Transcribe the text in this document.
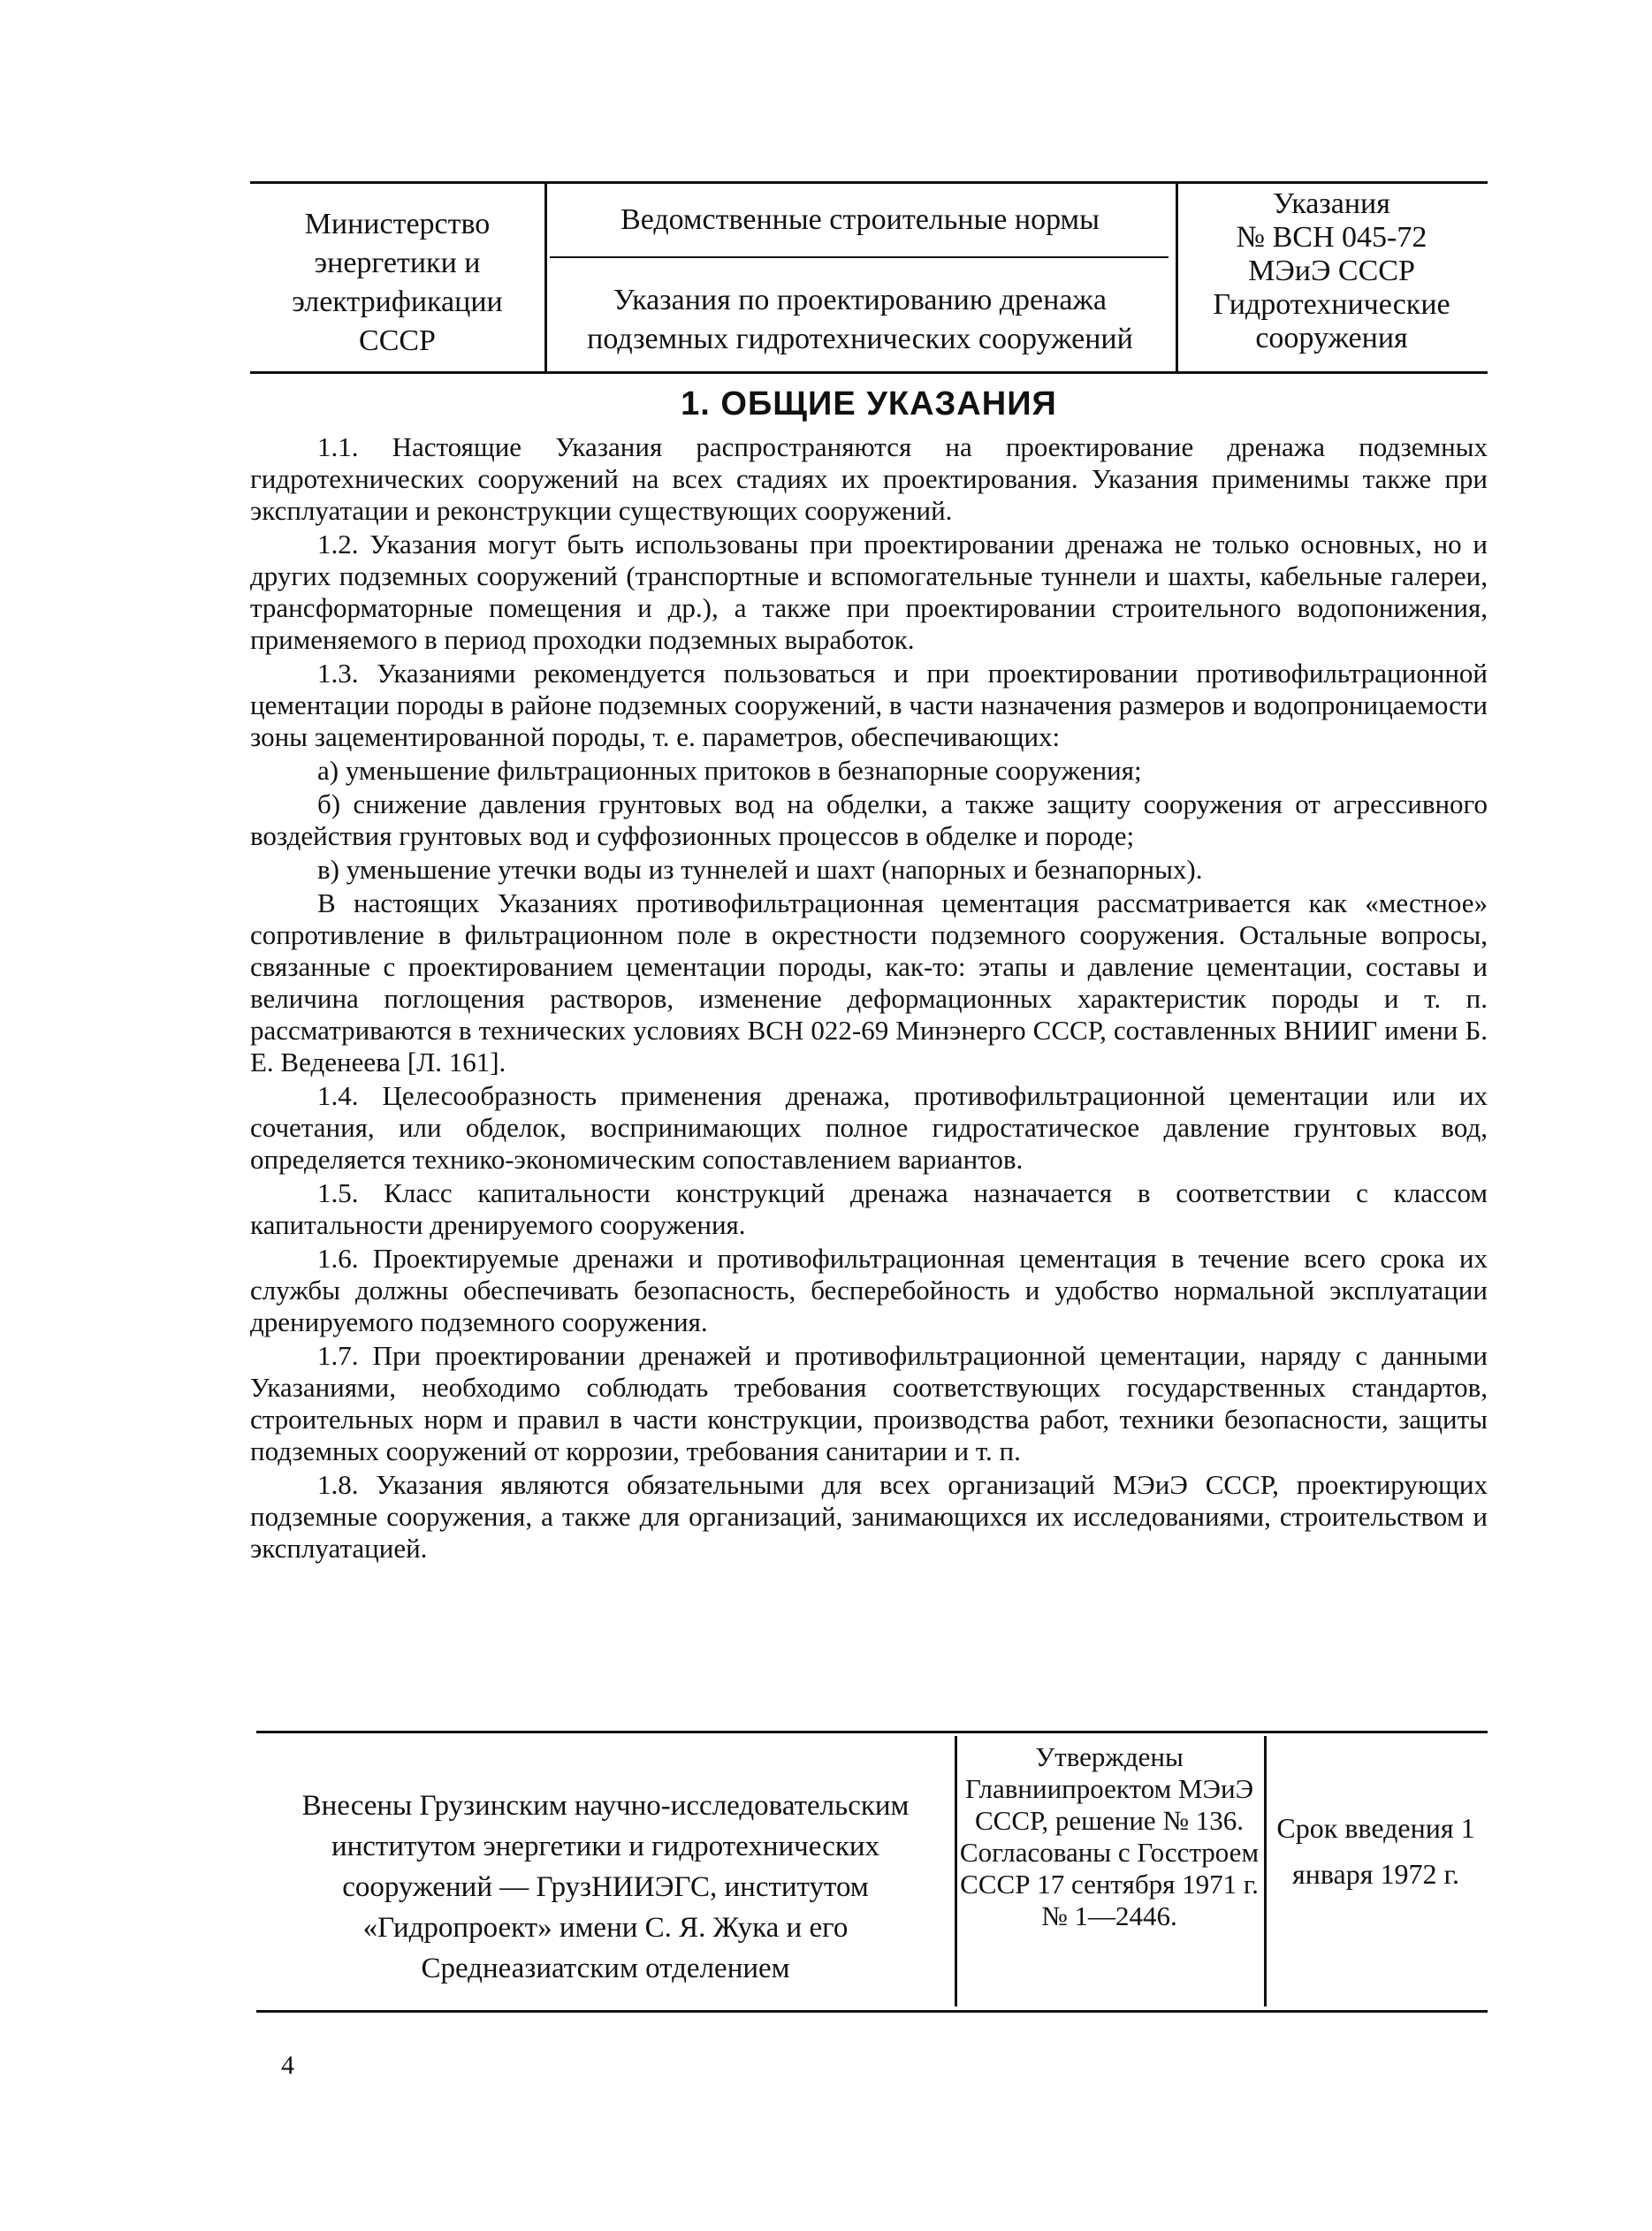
Министерство энергетики и электрификации СССР
Ведомственные строительные нормы
Указания по проектированию дренажа подземных гидротехнических сооружений
Указания
№ ВСН 045-72
МЭиЭ СССР
Гидротехнические сооружения
1. ОБЩИЕ УКАЗАНИЯ

1.1. Настоящие Указания распространяются на проектирование дренажа подземных гидротехнических сооружений на всех стадиях их проектирования. Указания применимы также при эксплуатации и реконструкции существующих сооружений.

1.2. Указания могут быть использованы при проектировании дренажа не только основных, но и других подземных сооружений (транспортные и вспомогательные туннели и шахты, кабельные галереи, трансформаторные помещения и др.), а также при проектировании строительного водопонижения, применяемого в период проходки подземных выработок.

1.3. Указаниями рекомендуется пользоваться и при проектировании противофильтрационной цементации породы в районе подземных сооружений, в части назначения размеров и водопроницаемости зоны зацементированной породы, т. е. параметров, обеспечивающих:

а) уменьшение фильтрационных притоков в безнапорные сооружения;

б) снижение давления грунтовых вод на обделки, а также защиту сооружения от агрессивного воздействия грунтовых вод и суффозионных процессов в обделке и породе;

в) уменьшение утечки воды из туннелей и шахт (напорных и безнапорных).

В настоящих Указаниях противофильтрационная цементация рассматривается как «местное» сопротивление в фильтрационном поле в окрестности подземного сооружения. Остальные вопросы, связанные с проектированием цементации породы, как-то: этапы и давление цементации, составы и величина поглощения растворов, изменение деформационных характеристик породы и т. п. рассматриваются в технических условиях ВСН 022-69 Минэнерго СССР, составленных ВНИИГ имени Б. Е. Веденеева [Л. 161].

1.4. Целесообразность применения дренажа, противофильтрационной цементации или их сочетания, или обделок, воспринимающих полное гидростатическое давление грунтовых вод, определяется технико-экономическим сопоставлением вариантов.

1.5. Класс капитальности конструкций дренажа назначается в соответствии с классом капитальности дренируемого сооружения.

1.6. Проектируемые дренажи и противофильтрационная цементация в течение всего срока их службы должны обеспечивать безопасность, бесперебойность и удобство нормальной эксплуатации дренируемого подземного сооружения.

1.7. При проектировании дренажей и противофильтрационной цементации, наряду с данными Указаниями, необходимо соблюдать требования соответствующих государственных стандартов, строительных норм и правил в части конструкции, производства работ, техники безопасности, защиты подземных сооружений от коррозии, требования санитарии и т. п.

1.8. Указания являются обязательными для всех организаций МЭиЭ СССР, проектирующих подземные сооружения, а также для организаций, занимающихся их исследованиями, строительством и эксплуатацией.

Внесены Грузинским научно-исследовательским институтом энергетики и гидротехнических сооружений — ГрузНИИЭГС, институтом «Гидропроект» имени С. Я. Жука и его Среднеазиатским отделением
Утверждены Главниипроектом МЭиЭ СССР, решение № 136. Согласованы с Госстроем СССР 17 сентября 1971 г. № 1—2446.
Срок введения 1 января 1972 г.
4
